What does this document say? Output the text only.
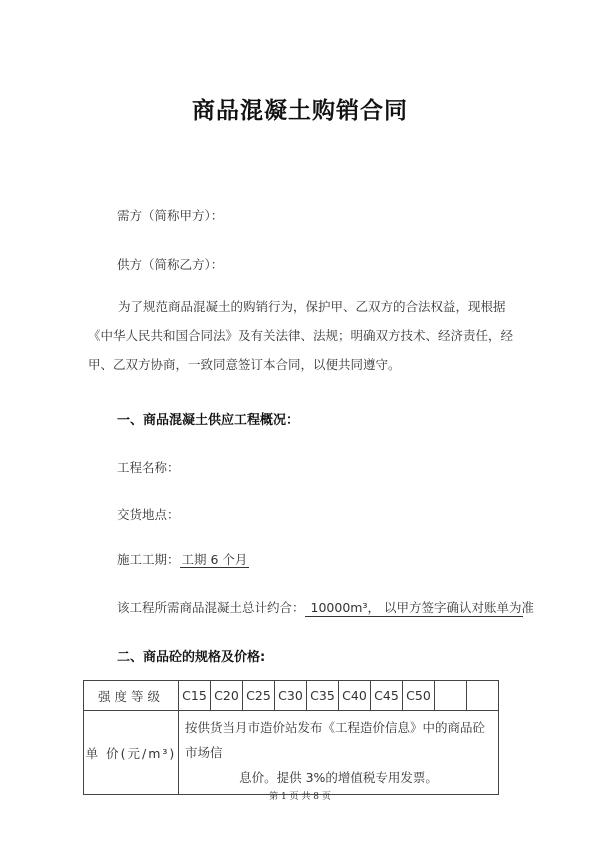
商品混凝土购销合同
需方（简称甲方）：
供方（简称乙方）：
为了规范商品混凝土的购销行为，保护甲、乙双方的合法权益，现根据《中华人民共和国合同法》及有关法律、法规；明确双方技术、经济责任，经甲、乙双方协商，一致同意签订本合同，以便共同遵守。
一、商品混凝土供应工程概况：
工程名称：
交货地点：
施工工期： 工期 6 个月
该工程所需商品混凝土总计约合： 10000m³， 以甲方签字确认对账单为准
二、商品砼的规格及价格:
强度等级	C15	C20	C25	C30	C35	C40	C45	C50		
单 价(元/m³)	按供货当月市造价站发布《工程造价信息》中的商品砼市场信
息价。提供 3%的增值税专用发票。									
第 1 页 共 8 页
